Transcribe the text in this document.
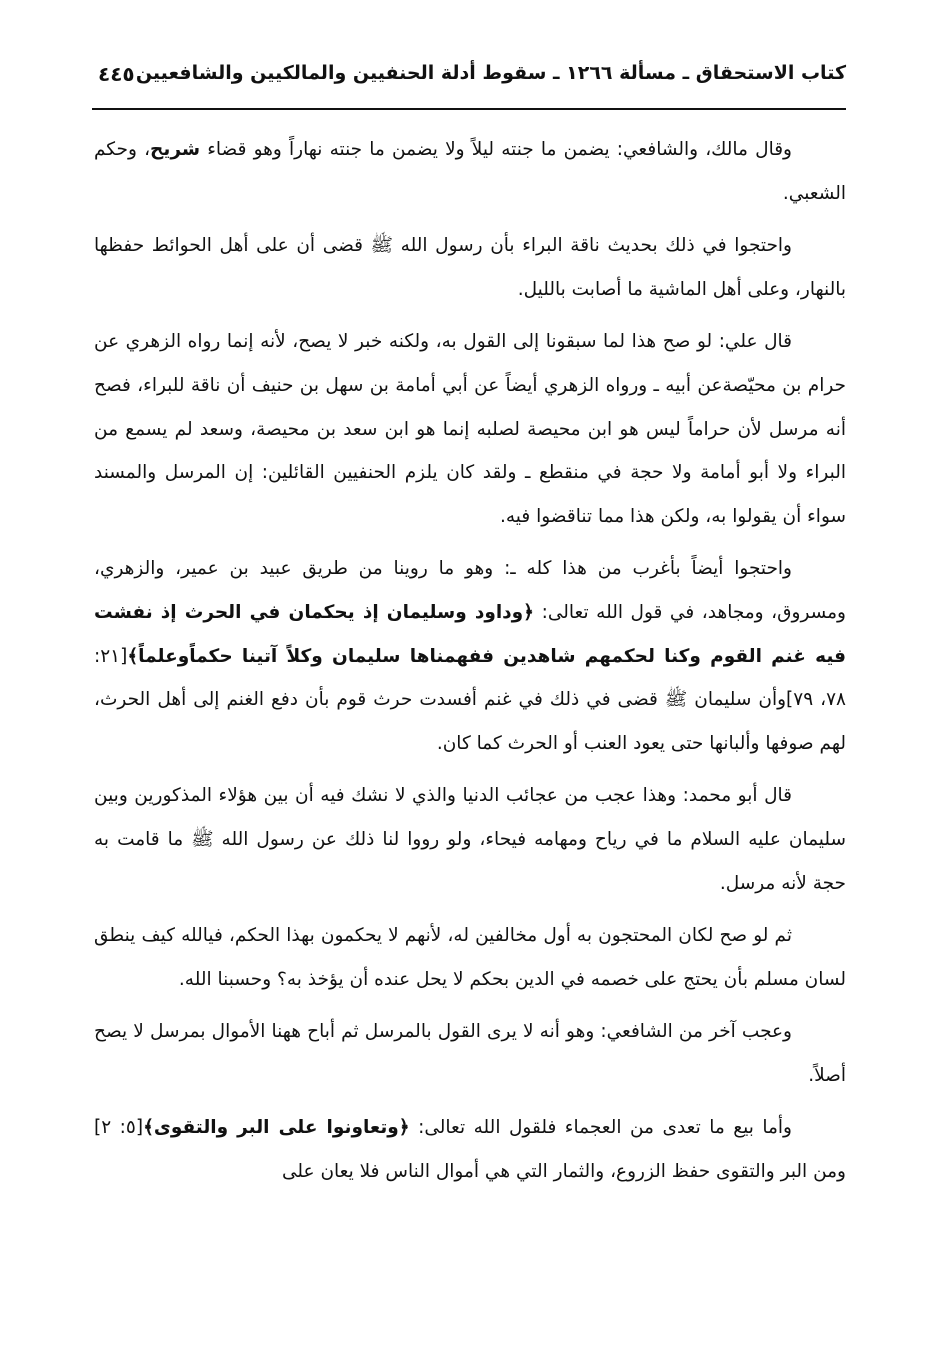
كتاب الاستحقاق ـ مسألة ١٢٦٦ ـ سقوط أدلة الحنفيين والمالكيين والشافعيين
٤٤٥

وقال مالك، والشافعي: يضمن ما جنته ليلاً ولا يضمن ما جنته نهاراً وهو قضاء شريح، وحكم الشعبي.

واحتجوا في ذلك بحديث ناقة البراء بأن رسول الله ﷺ قضى أن على أهل الحوائط حفظها بالنهار، وعلى أهل الماشية ما أصابت بالليل.

قال علي: لو صح هذا لما سبقونا إلى القول به، ولكنه خبر لا يصح، لأنه إنما رواه الزهري عن حرام بن محيّصةعن أبيه ـ ورواه الزهري أيضاً عن أبي أمامة بن سهل بن حنيف أن ناقة للبراء، فصح أنه مرسل لأن حراماً ليس هو ابن محيصة لصلبه إنما هو ابن سعد بن محيصة، وسعد لم يسمع من البراء ولا أبو أمامة ولا حجة في منقطع ـ ولقد كان يلزم الحنفيين القائلين: إن المرسل والمسند سواء أن يقولوا به، ولكن هذا مما تناقضوا فيه.

واحتجوا أيضاً بأغرب من هذا كله ـ: وهو ما روينا من طريق عبيد بن عمير، والزهري، ومسروق، ومجاهد، في قول الله تعالى: ﴿وداود وسليمان إذ يحكمان في الحرث إذ نفشت فيه غنم القوم وكنا لحكمهم شاهدين ففهمناها سليمان وكلاً آتينا حكماًوعلماً﴾[٢١: ٧٨، ٧٩]وأن سليمان ﷺ قضى في ذلك في غنم أفسدت حرث قوم بأن دفع الغنم إلى أهل الحرث، لهم صوفها وألبانها حتى يعود العنب أو الحرث كما كان.

قال أبو محمد: وهذا عجب من عجائب الدنيا والذي لا نشك فيه أن بين هؤلاء المذكورين وبين سليمان عليه السلام ما في رياح ومهامه فيحاء، ولو رووا لنا ذلك عن رسول الله ﷺ ما قامت به حجة لأنه مرسل.

ثم لو صح لكان المحتجون به أول مخالفين له، لأنهم لا يحكمون بهذا الحكم، فيالله كيف ينطق لسان مسلم بأن يحتج على خصمه في الدين بحكم لا يحل عنده أن يؤخذ به؟ وحسبنا الله.

وعجب آخر من الشافعي: وهو أنه لا يرى القول بالمرسل ثم أباح ههنا الأموال بمرسل لا يصح أصلاً.

وأما بيع ما تعدى من العجماء فلقول الله تعالى: ﴿وتعاونوا على البر والتقوى﴾[٥: ٢] ومن البر والتقوى حفظ الزروع، والثمار التي هي أموال الناس فلا يعان على
